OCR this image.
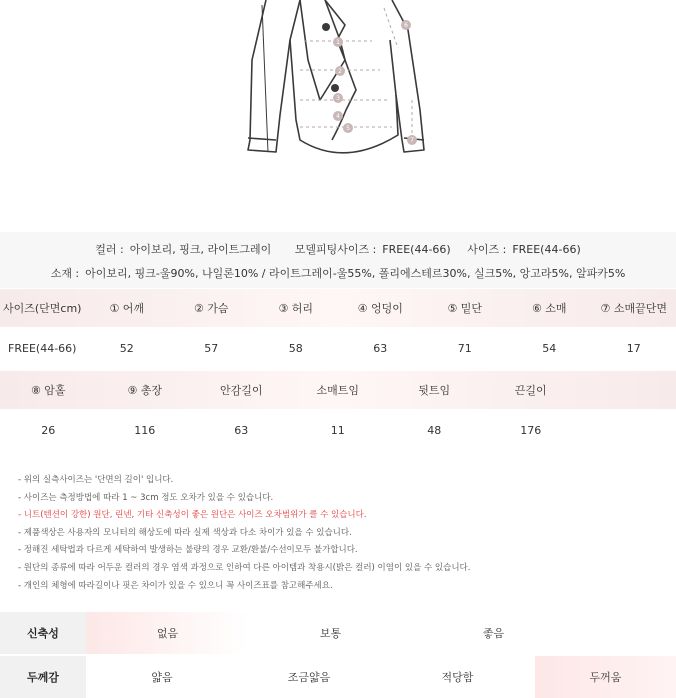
1
2
3
4
5
6
7
컬러 : 아이보리, 핑크, 라이트그레이 모델피팅사이즈 : FREE(44-66) 사이즈 : FREE(44-66)
소재 : 아이보리, 핑크-울90%, 나일론10% / 라이트그레이-울55%, 폴리에스테르30%, 실크5%, 앙고라5%, 알파카5%
사이즈(단면cm)	① 어깨	② 가슴	③ 허리	④ 엉덩이	⑤ 밑단	⑥ 소매	⑦ 소매끝단면
FREE(44-66)	52	57	58	63	71	54	17
⑧ 암홀	⑨ 총장	안감길이	소매트임	뒷트임	끈길이
26	116	63	11	48	176
- 위의 실측사이즈는 '단면의 길이' 입니다.
- 사이즈는 측정방법에 따라 1 ~ 3cm 정도 오차가 있을 수 있습니다.
- 니트(텐션이 강한) 원단, 린넨, 기타 신축성이 좋은 원단은 사이즈 오차범위가 클 수 있습니다.
- 제품색상은 사용자의 모니터의 해상도에 따라 실제 색상과 다소 차이가 있을 수 있습니다.
- 정해진 세탁법과 다르게 세탁하여 발생하는 불량의 경우 교환/환불/수선이모두 불가합니다.
- 원단의 종류에 따라 어두운 컬러의 경우 염색 과정으로 인하여 다른 아이템과 착용시(밝은 컬러) 이염이 있을 수 있습니다.
- 개인의 체형에 따라길이나 핏은 차이가 있을 수 있으니 꼭 사이즈표를 참고해주세요.
신축성	없음	보통	좋음
두께감	얇음	조금얇음	적당함	두꺼움
